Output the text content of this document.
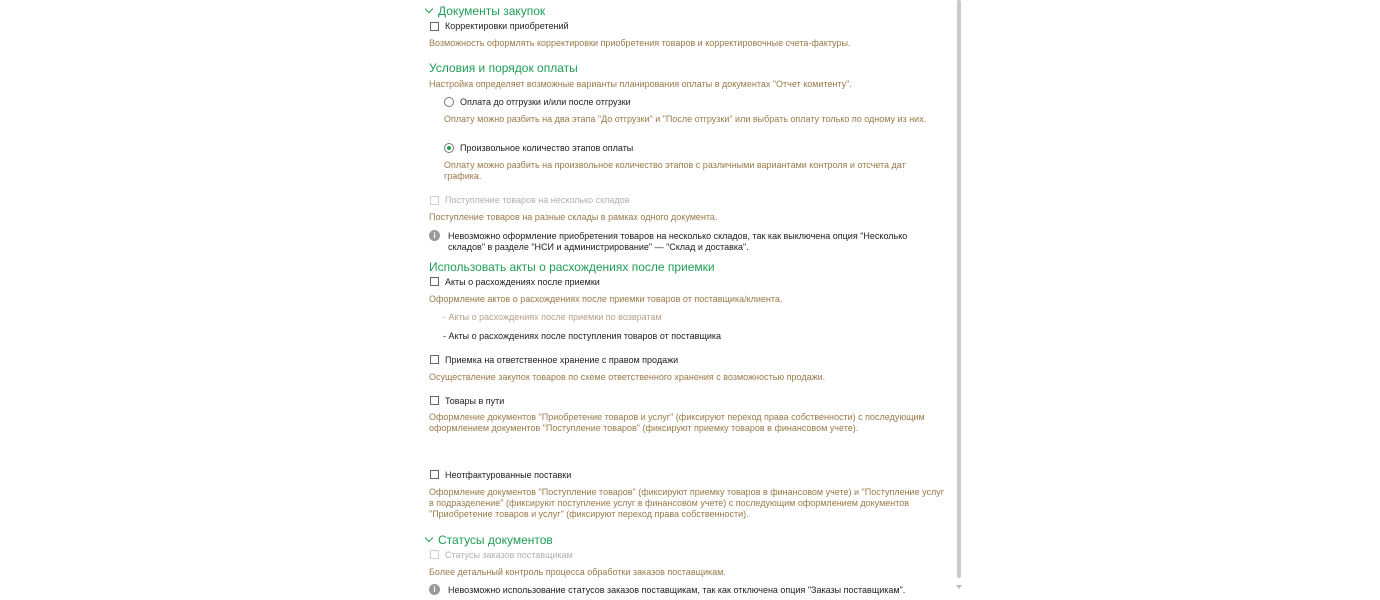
Документы закупок
Корректировки приобретений
Возможность оформлять корректировки приобретения товаров и корректировочные счета-фактуры.
Условия и порядок оплаты
Настройка определяет возможные варианты планирования оплаты в документах "Отчет комитенту".
Оплата до отгрузки и/или после отгрузки
Оплату можно разбить на два этапа "До отгрузки" и "После отгрузки" или выбрать оплату только по одному из них.
Произвольное количество этапов оплаты
Оплату можно разбить на произвольное количество этапов с различными вариантами контроля и отсчета дат графика.
Поступление товаров на несколько складов
Поступление товаров на разные склады в рамках одного документа.
i	Невозможно оформление приобретения товаров на несколько складов, так как выключена опция "Несколько складов" в разделе "НСИ и администрирование" — "Склад и доставка".
Использовать акты о расхождениях после приемки
Акты о расхождениях после приемки
Оформление актов о расхождениях после приемки товаров от поставщика/клиента.
- Акты о расхождениях после приемки по возвратам
- Акты о расхождениях после поступления товаров от поставщика
Приемка на ответственное хранение с правом продажи
Осуществление закупок товаров по схеме ответственного хранения с возможностью продажи.
Товары в пути
Оформление документов "Приобретение товаров и услуг" (фиксируют переход права собственности) с последующим оформлением документов "Поступление товаров" (фиксируют приемку товаров в финансовом учете).
Неотфактурованные поставки
Оформление документов "Поступление товаров" (фиксируют приемку товаров в финансовом учете) и "Поступление услуг в подразделение" (фиксируют поступление услуг в финансовом учете) с последующим оформлением документов "Приобретение товаров и услуг" (фиксируют переход права собственности).
Статусы документов
Статусы заказов поставщикам
Более детальный контроль процесса обработки заказов поставщикам.
i	Невозможно использование статусов заказов поставщикам, так как отключена опция "Заказы поставщикам".
